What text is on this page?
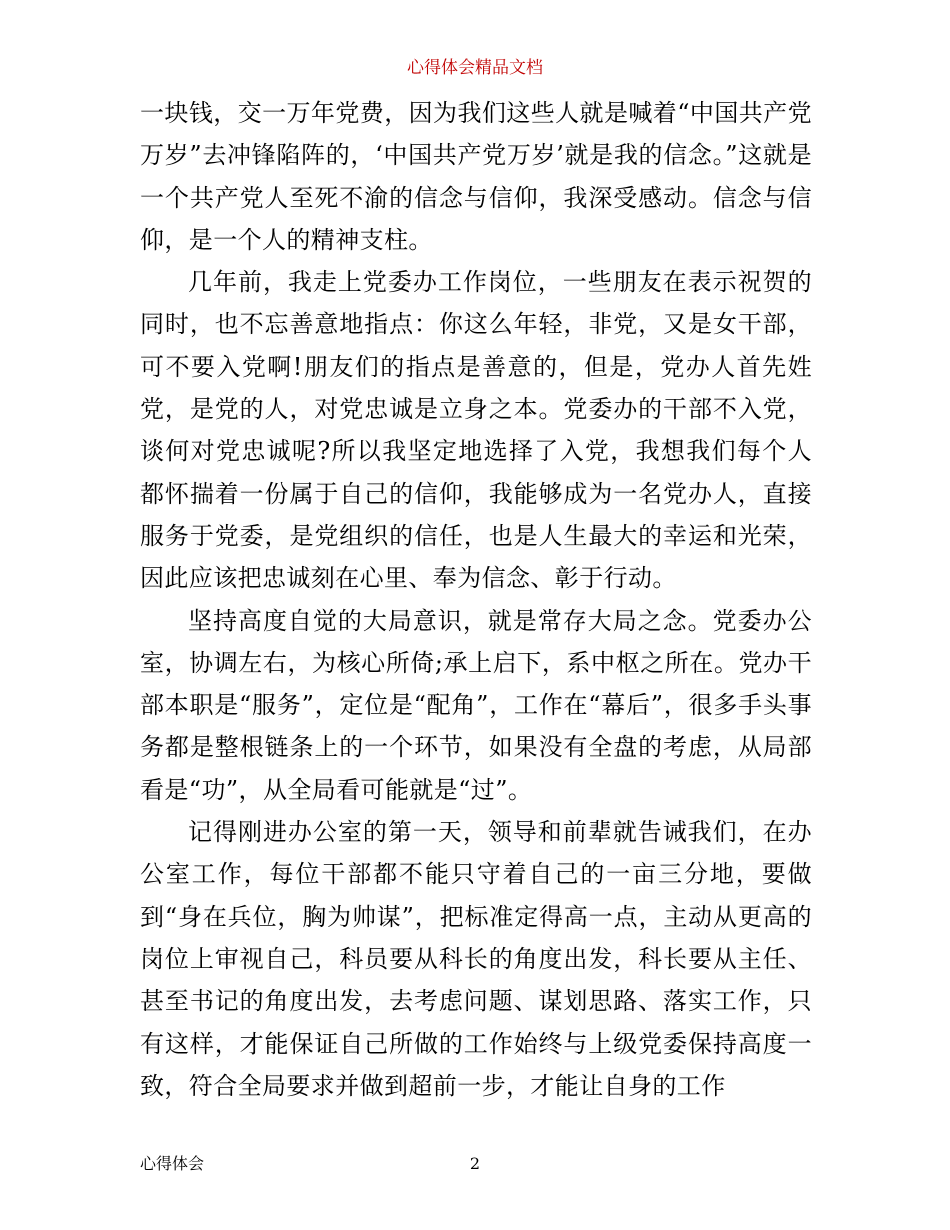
心得体会精品文档

一块钱，交一万年党费，因为我们这些人就是喊着“中国共产党万岁”去冲锋陷阵的，‘中国共产党万岁’就是我的信念。”这就是一个共产党人至死不渝的信念与信仰，我深受感动。信念与信仰，是一个人的精神支柱。

几年前，我走上党委办工作岗位，一些朋友在表示祝贺的同时，也不忘善意地指点：你这么年轻，非党，又是女干部，可不要入党啊!朋友们的指点是善意的，但是，党办人首先姓党，是党的人，对党忠诚是立身之本。党委办的干部不入党，谈何对党忠诚呢?所以我坚定地选择了入党，我想我们每个人都怀揣着一份属于自己的信仰，我能够成为一名党办人，直接服务于党委，是党组织的信任，也是人生最大的幸运和光荣，因此应该把忠诚刻在心里、奉为信念、彰于行动。

坚持高度自觉的大局意识，就是常存大局之念。党委办公室，协调左右，为核心所倚;承上启下，系中枢之所在。党办干部本职是“服务”，定位是“配角”，工作在“幕后”，很多手头事务都是整根链条上的一个环节，如果没有全盘的考虑，从局部看是“功”，从全局看可能就是“过”。

记得刚进办公室的第一天，领导和前辈就告诫我们，在办公室工作，每位干部都不能只守着自己的一亩三分地，要做到“身在兵位，胸为帅谋”，把标准定得高一点，主动从更高的岗位上审视自己，科员要从科长的角度出发，科长要从主任、甚至书记的角度出发，去考虑问题、谋划思路、落实工作，只有这样，才能保证自己所做的工作始终与上级党委保持高度一致，符合全局要求并做到超前一步，才能让自身的工作

心得体会	2
